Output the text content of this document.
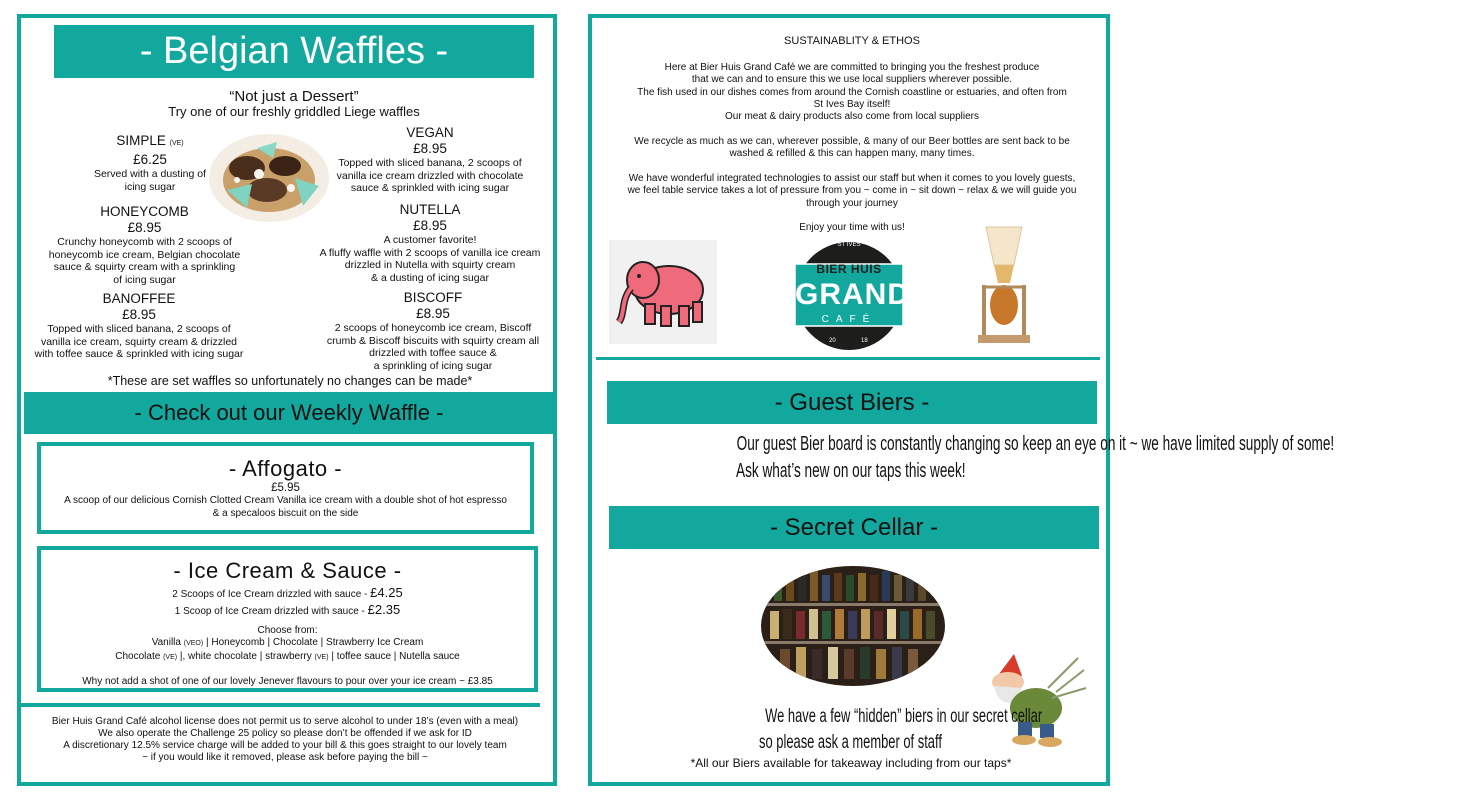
- Belgian Waffles -
“Not just a Dessert”
Try one of our freshly griddled Liege waffles
SIMPLE (VE)
£6.25
Served with a dusting of
icing sugar
VEGAN
£8.95
Topped with sliced banana, 2 scoops of
vanilla ice cream drizzled with chocolate
sauce & sprinkled with icing sugar
HONEYCOMB
£8.95
Crunchy honeycomb with 2 scoops of
honeycomb ice cream, Belgian chocolate
sauce & squirty cream with a sprinkling
of icing sugar
NUTELLA
£8.95
A customer favorite!
A fluffy waffle with 2 scoops of vanilla ice cream
drizzled in Nutella with squirty cream
& a dusting of icing sugar
BANOFFEE
£8.95
Topped with sliced banana, 2 scoops of
vanilla ice cream, squirty cream & drizzled
with toffee sauce & sprinkled with icing sugar
BISCOFF
£8.95
2 scoops of honeycomb ice cream, Biscoff
crumb & Biscoff biscuits with squirty cream all
drizzled with toffee sauce &
a sprinkling of icing sugar
*These are set waffles so unfortunately no changes can be made*
- Check out our Weekly Waffle -
- Affogato -
£5.95
A scoop of our delicious Cornish Clotted Cream Vanilla ice cream with a double shot of hot espresso
& a specaloos biscuit on the side
- Ice Cream & Sauce -
2 Scoops of Ice Cream drizzled with sauce - £4.25
1 Scoop of Ice Cream drizzled with sauce - £2.35
Choose from:
Vanilla (VEO) | Honeycomb | Chocolate | Strawberry Ice Cream
Chocolate (VE) |, white chocolate | strawberry (VE) | toffee sauce | Nutella sauce
Why not add a shot of one of our lovely Jenever flavours to pour over your ice cream ~ £3.85
Bier Huis Grand Café alcohol license does not permit us to serve alcohol to under 18’s (even with a meal)
We also operate the Challenge 25 policy so please don’t be offended if we ask for ID
A discretionary 12.5% service charge will be added to your bill & this goes straight to our lovely team
~ if you would like it removed, please ask before paying the bill ~
SUSTAINABLITY & ETHOS
Here at Bier Huis Grand Café we are committed to bringing you the freshest produce
that we can and to ensure this we use local suppliers wherever possible.
The fish used in our dishes comes from around the Cornish coastline or estuaries, and often from
St Ives Bay itself!
Our meat & dairy products also come from local suppliers
We recycle as much as we can, wherever possible, & many of our Beer bottles are sent back to be
washed & refilled & this can happen many, many times.
We have wonderful integrated technologies to assist our staff but when it comes to you lovely guests,
we feel table service takes a lot of pressure from you ~ come in ~ sit down ~ relax & we will guide you
through your journey
Enjoy your time with us!
ST IVES
BIER HUIS
GRAND
CAFÉ
20	18
- Guest Biers -
Our guest Bier board is constantly changing so keep an eye on it ~ we have limited supply of some!
Ask what’s new on our taps this week!
- Secret Cellar -
We have a few “hidden” biers in our secret cellar
so please ask a member of staff
*All our Biers available for takeaway including from our taps*
